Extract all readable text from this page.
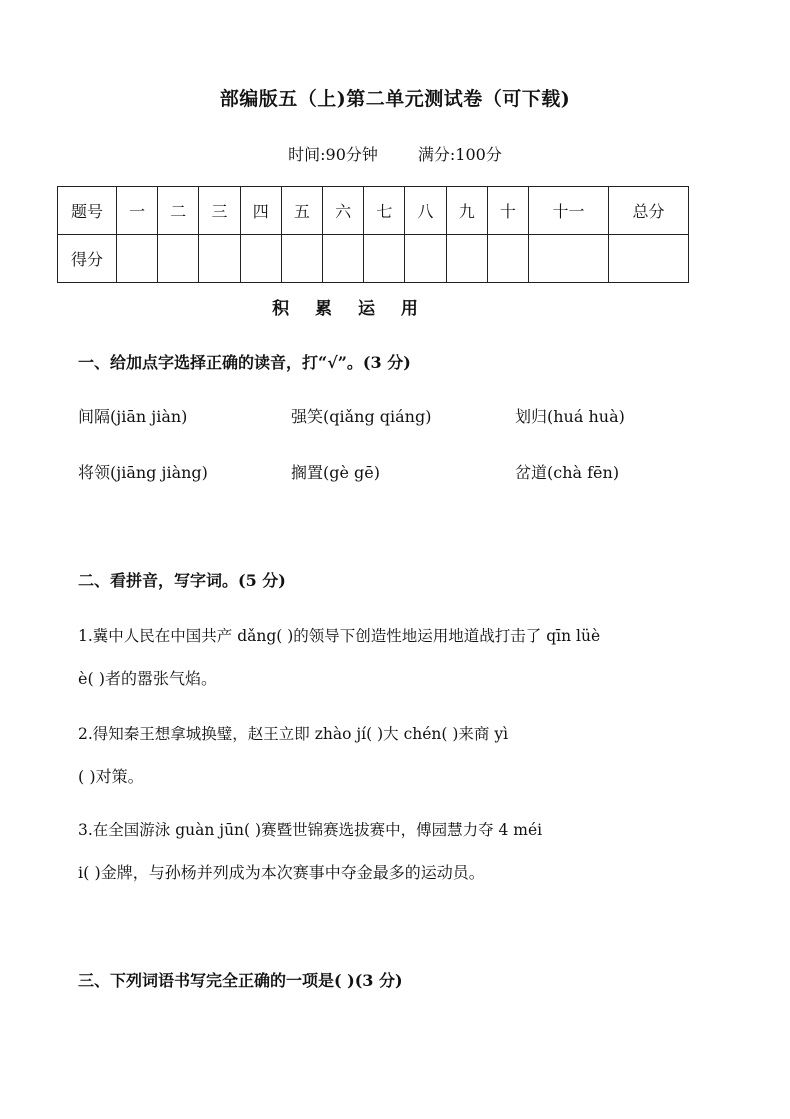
部编版五（上)第二单元测试卷（可下载)
时间:90分钟	满分:100分
题号	一	二	三	四	五	六	七	八	九	十	十一	总分
得分												
积 累 运 用
一、给加点字选择正确的读音，打“√”。(3 分)
间隔(jiān jiàn)	强笑(qiǎng qiáng)	划归(huá huà)
将领(jiāng jiàng)	搁置(gè gē)	岔道(chà fēn)
二、看拼音，写字词。(5 分)
1.冀中人民在中国共产 dǎng( )的领导下创造性地运用地道战打击了 qīn lüè
è( )者的嚣张气焰。
2.得知秦王想拿城换璧，赵王立即 zhào jí( )大 chén( )来商 yì
( )对策。
3.在全国游泳 guàn jūn( )赛暨世锦赛选拔赛中，傅园慧力夺 4 méi
i( )金牌，与孙杨并列成为本次赛事中夺金最多的运动员。
三、下列词语书写完全正确的一项是( )(3 分)
